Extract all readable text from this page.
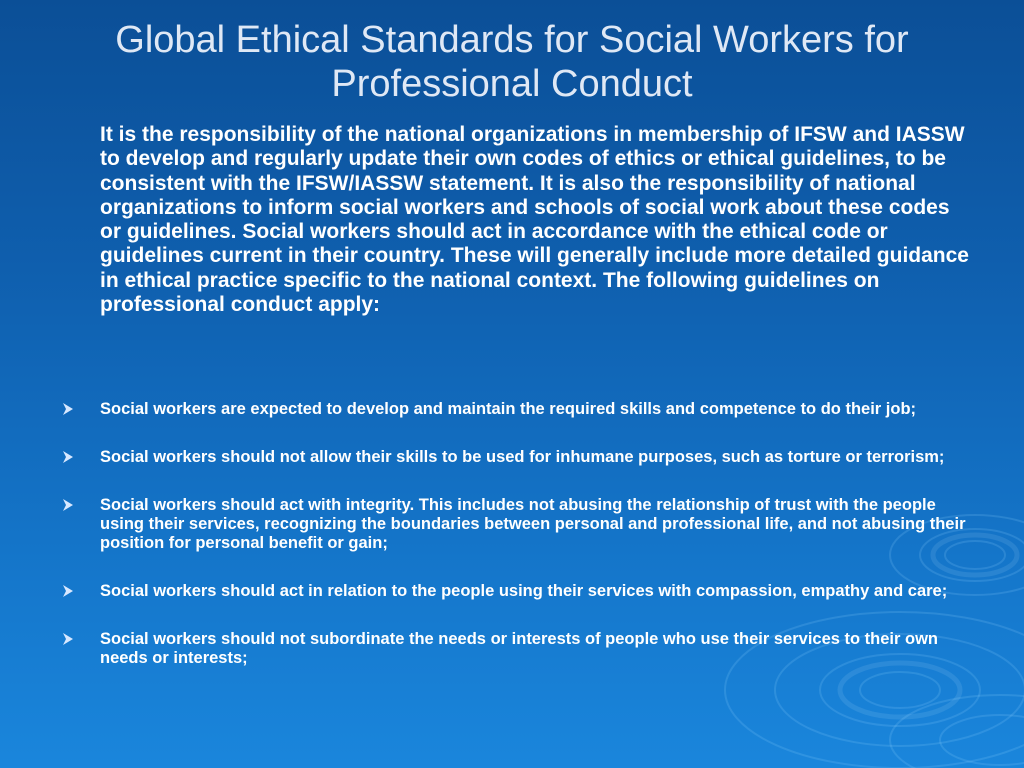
Global Ethical Standards for Social Workers for Professional Conduct

It is the responsibility of the national organizations in membership of IFSW and IASSW to develop and regularly update their own codes of ethics or ethical guidelines, to be consistent with the IFSW/IASSW statement. It is also the responsibility of national organizations to inform social workers and schools of social work about these codes or guidelines. Social workers should act in accordance with the ethical code or guidelines current in their country. These will generally include more detailed guidance in ethical practice specific to the national context. The following guidelines on professional conduct apply:

Social workers are expected to develop and maintain the required skills and competence to do their job;
Social workers should not allow their skills to be used for inhumane purposes, such as torture or terrorism;
Social workers should act with integrity. This includes not abusing the relationship of trust with the people using their services, recognizing the boundaries between personal and professional life, and not abusing their position for personal benefit or gain;
Social workers should act in relation to the people using their services with compassion, empathy and care;
Social workers should not subordinate the needs or interests of people who use their services to their own needs or interests;
